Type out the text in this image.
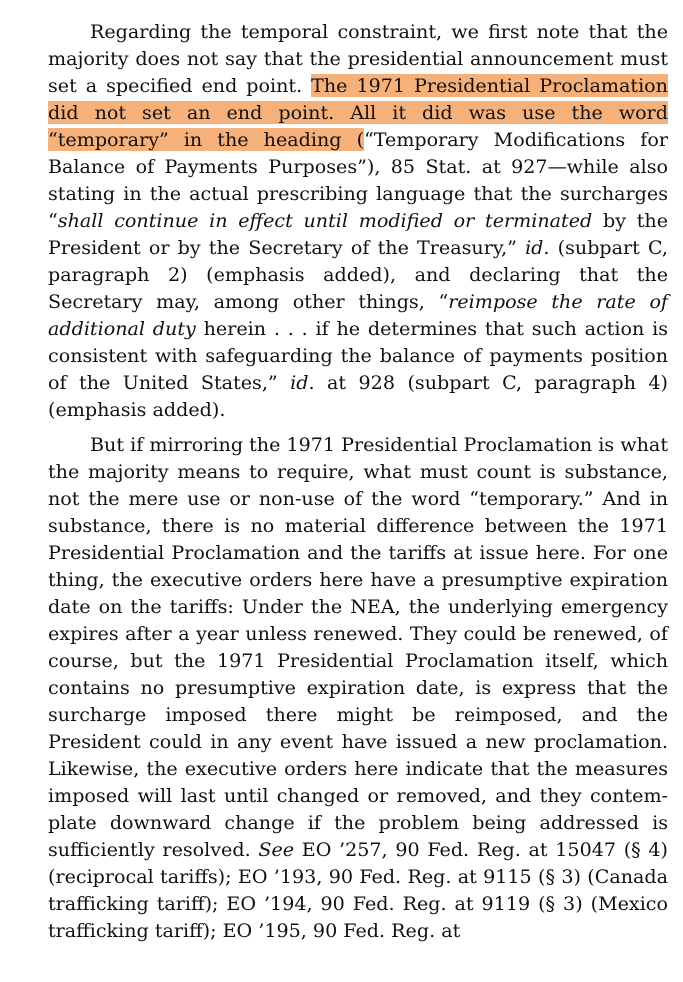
Regarding the temporal constraint, we first note that the majority does not say that the presidential announcement must set a specified end point. The 1971 Presidential Proclamation did not set an end point. All it did was use the word “temporary” in the heading (“Temporary Modifications for Balance of Payments Purposes”), 85 Stat. at 927—while also stating in the actual prescribing language that the surcharges “shall continue in effect until modified or terminated by the President or by the Secretary of the Treasury,” id. (subpart C, paragraph 2) (emphasis added), and declaring that the Secretary may, among other things, “reimpose the rate of additional duty herein . . . if he determines that such action is consistent with safeguarding the balance of payments position of the United States,” id. at 928 (subpart C, paragraph 4) (emphasis added).

But if mirroring the 1971 Presidential Proclamation is what the majority means to require, what must count is substance, not the mere use or non-use of the word “temporary.” And in substance, there is no material difference between the 1971 Presidential Proclamation and the tariffs at issue here. For one thing, the executive orders here have a presumptive expiration date on the tariffs: Under the NEA, the underlying emergency expires after a year unless renewed. They could be renewed, of course, but the 1971 Presidential Proclamation itself, which contains no presumptive expiration date, is express that the surcharge imposed there might be reimposed, and the President could in any event have issued a new proclamation. Likewise, the executive orders here indicate that the measures imposed will last until changed or removed, and they contemplate downward change if the problem being addressed is sufficiently resolved. See EO ’257, 90 Fed. Reg. at 15047 (§ 4) (reciprocal tariffs); EO ’193, 90 Fed. Reg. at 9115 (§ 3) (Canada trafficking tariff); EO ’194, 90 Fed. Reg. at 9119 (§ 3) (Mexico trafficking tariff); EO ’195, 90 Fed. Reg. at
